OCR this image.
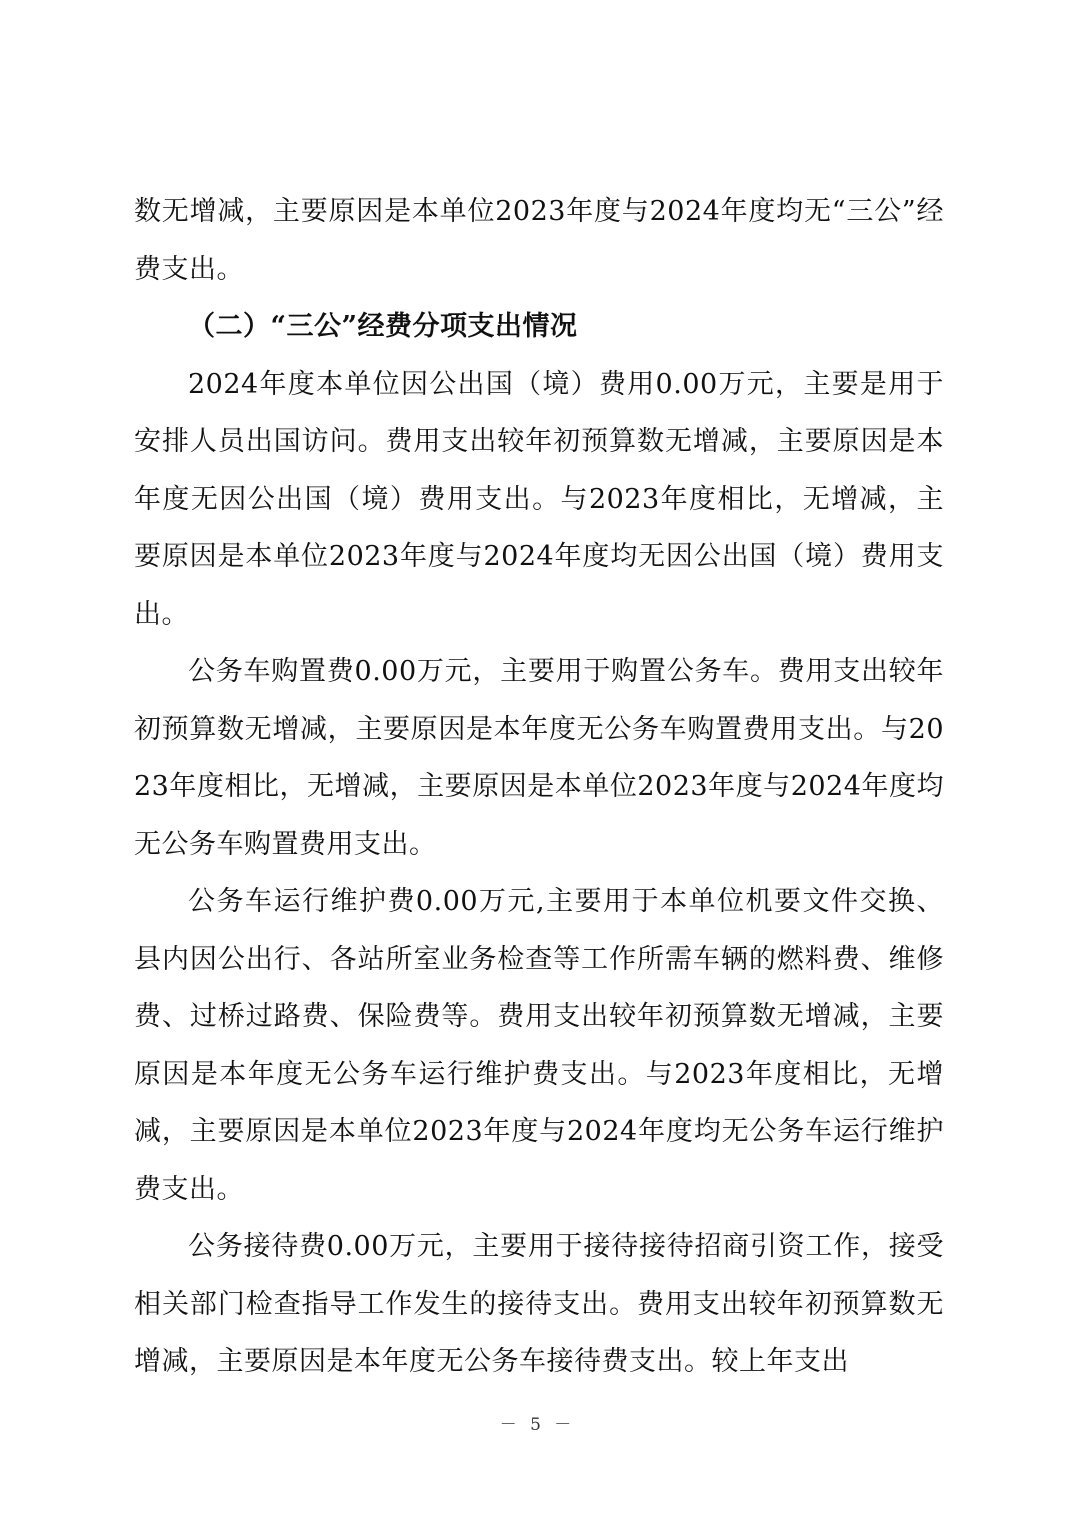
数无增减，主要原因是本单位2023年度与2024年度均无“三公”经费支出。

（二）“三公”经费分项支出情况

2024年度本单位因公出国（境）费用0.00万元，主要是用于安排人员出国访问。费用支出较年初预算数无增减，主要原因是本年度无因公出国（境）费用支出。与2023年度相比，无增减，主要原因是本单位2023年度与2024年度均无因公出国（境）费用支出。

公务车购置费0.00万元，主要用于购置公务车。费用支出较年初预算数无增减，主要原因是本年度无公务车购置费用支出。与2023年度相比，无增减，主要原因是本单位2023年度与2024年度均无公务车购置费用支出。

公务车运行维护费0.00万元,主要用于本单位机要文件交换、县内因公出行、各站所室业务检查等工作所需车辆的燃料费、维修费、过桥过路费、保险费等。费用支出较年初预算数无增减，主要原因是本年度无公务车运行维护费支出。与2023年度相比，无增减，主要原因是本单位2023年度与2024年度均无公务车运行维护费支出。

公务接待费0.00万元，主要用于接待接待招商引资工作，接受相关部门检查指导工作发生的接待支出。费用支出较年初预算数无增减，主要原因是本年度无公务车接待费支出。较上年支出

－ 5 －
